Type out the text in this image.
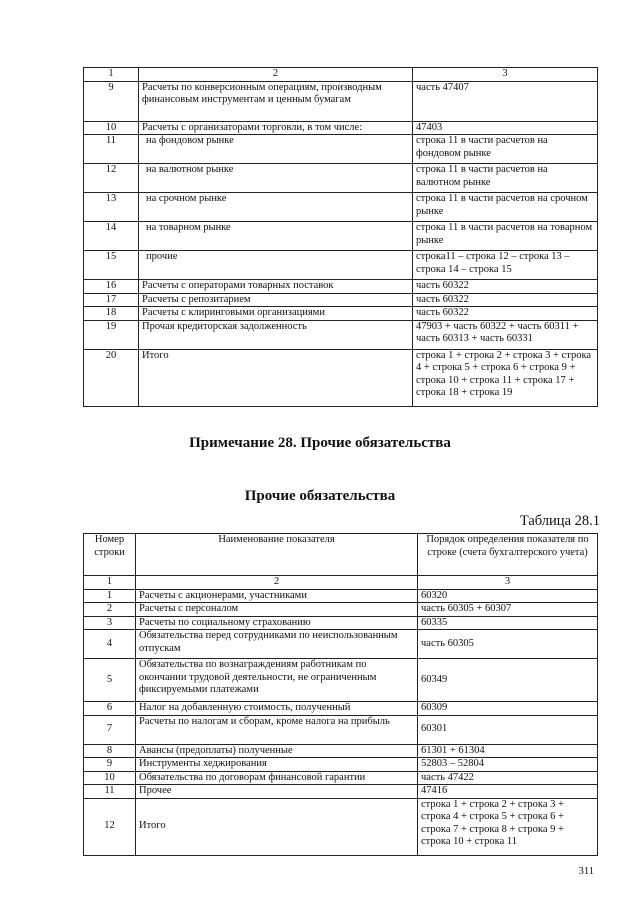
1	2	3
9	Расчеты по конверсионным операциям, производным финансовым инструментам и ценным бумагам	часть 47407
10	Расчеты с организаторами торговли, в том числе:	47403
11	на фондовом рынке	строка 11 в части расчетов на фондовом рынке
12	на валютном рынке	строка 11 в части расчетов на валютном рынке
13	на срочном рынке	строка 11 в части расчетов на срочном рынке
14	на товарном рынке	строка 11 в части расчетов на товарном рынке
15	прочие	строка11 – строка 12 – строка 13 – строка 14 – строка 15
16	Расчеты с операторами товарных поставок	часть 60322
17	Расчеты с репозитарием	часть 60322
18	Расчеты с клиринговыми организациями	часть 60322
19	Прочая кредиторская задолженность	47903 + часть 60322 + часть 60311 + часть 60313 + часть 60331
20	Итого	строка 1 + строка 2 + строка 3 + строка 4 + строка 5 + строка 6 + строка 9 + строка 10 + строка 11 + строка 17 + строка 18 + строка 19
Примечание 28. Прочие обязательства
Прочие обязательства
Таблица 28.1
Номер строки	Наименование показателя	Порядок определения показателя по строке (счета бухгалтерского учета)
1	2	3
1	Расчеты с акционерами, участниками	60320
2	Расчеты с персоналом	часть 60305 + 60307
3	Расчеты по социальному страхованию	60335
4	Обязательства перед сотрудниками по неиспользованным отпускам	часть 60305
5	Обязательства по вознаграждениям работникам по окончании трудовой деятельности, не ограниченным фиксируемыми платежами	60349
6	Налог на добавленную стоимость, полученный	60309
7	Расчеты по налогам и сборам, кроме налога на прибыль	60301
8	Авансы (предоплаты) полученные	61301 + 61304
9	Инструменты хеджирования	52803 – 52804
10	Обязательства по договорам финансовой гарантии	часть 47422
11	Прочее	47416
12	Итого	строка 1 + строка 2 + строка 3 + строка 4 + строка 5 + строка 6 + строка 7 + строка 8 + строка 9 + строка 10 + строка 11
311
